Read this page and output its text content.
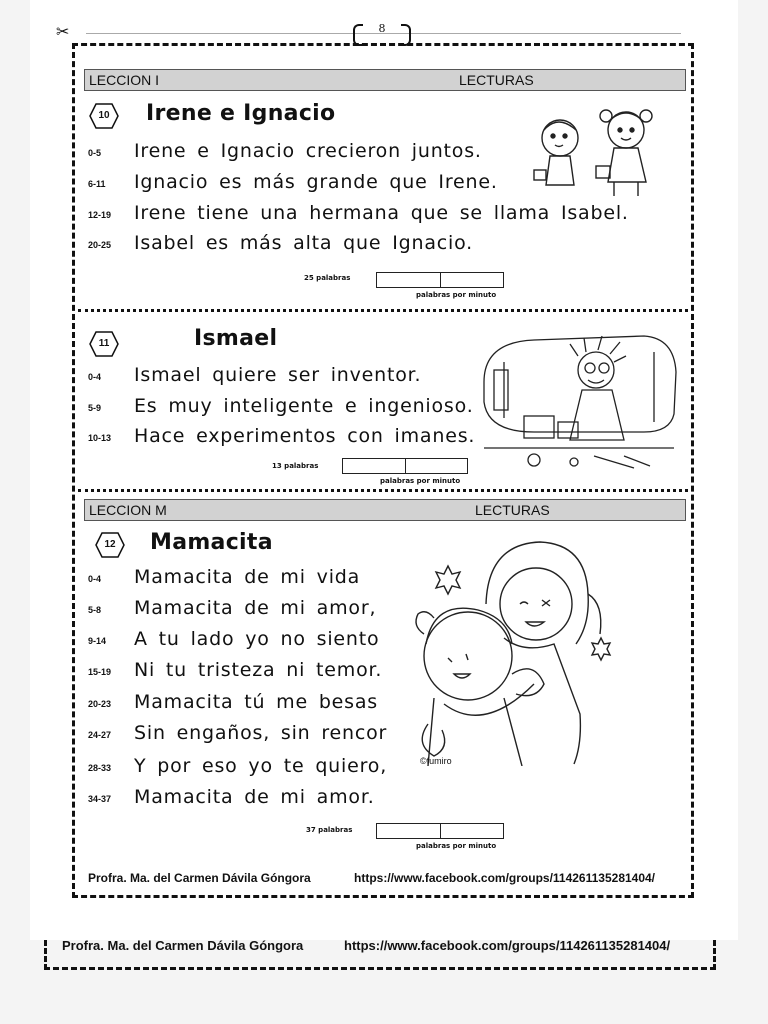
✂	8
LECCION I	LECTURAS
10	Irene e Ignacio
0-5	Irene e Ignacio crecieron juntos.
6-11	Ignacio es más grande que Irene.
12-19	Irene tiene una hermana que se llama Isabel.
20-25	Isabel es más alta que Ignacio.
25 palabras
palabras por minuto
11	Ismael
0-4	Ismael quiere ser inventor.
5-9	Es muy inteligente e ingenioso.
10-13	Hace experimentos con imanes.
13 palabras
palabras por minuto
LECCION M	LECTURAS
12	Mamacita
0-4	Mamacita de mi vida
5-8	Mamacita de mi amor,
9-14	A tu lado yo no siento
15-19	Ni tu tristeza ni temor.
20-23	Mamacita tú me besas
24-27	Sin engaños, sin rencor
28-33	Y por eso yo te quiero,
34-37	Mamacita de mi amor.
©fumiro
37 palabras
palabras por minuto
Profra. Ma. del Carmen Dávila Góngora	https://www.facebook.com/groups/114261135281404/
Profra. Ma. del Carmen Dávila Góngora	https://www.facebook.com/groups/114261135281404/
